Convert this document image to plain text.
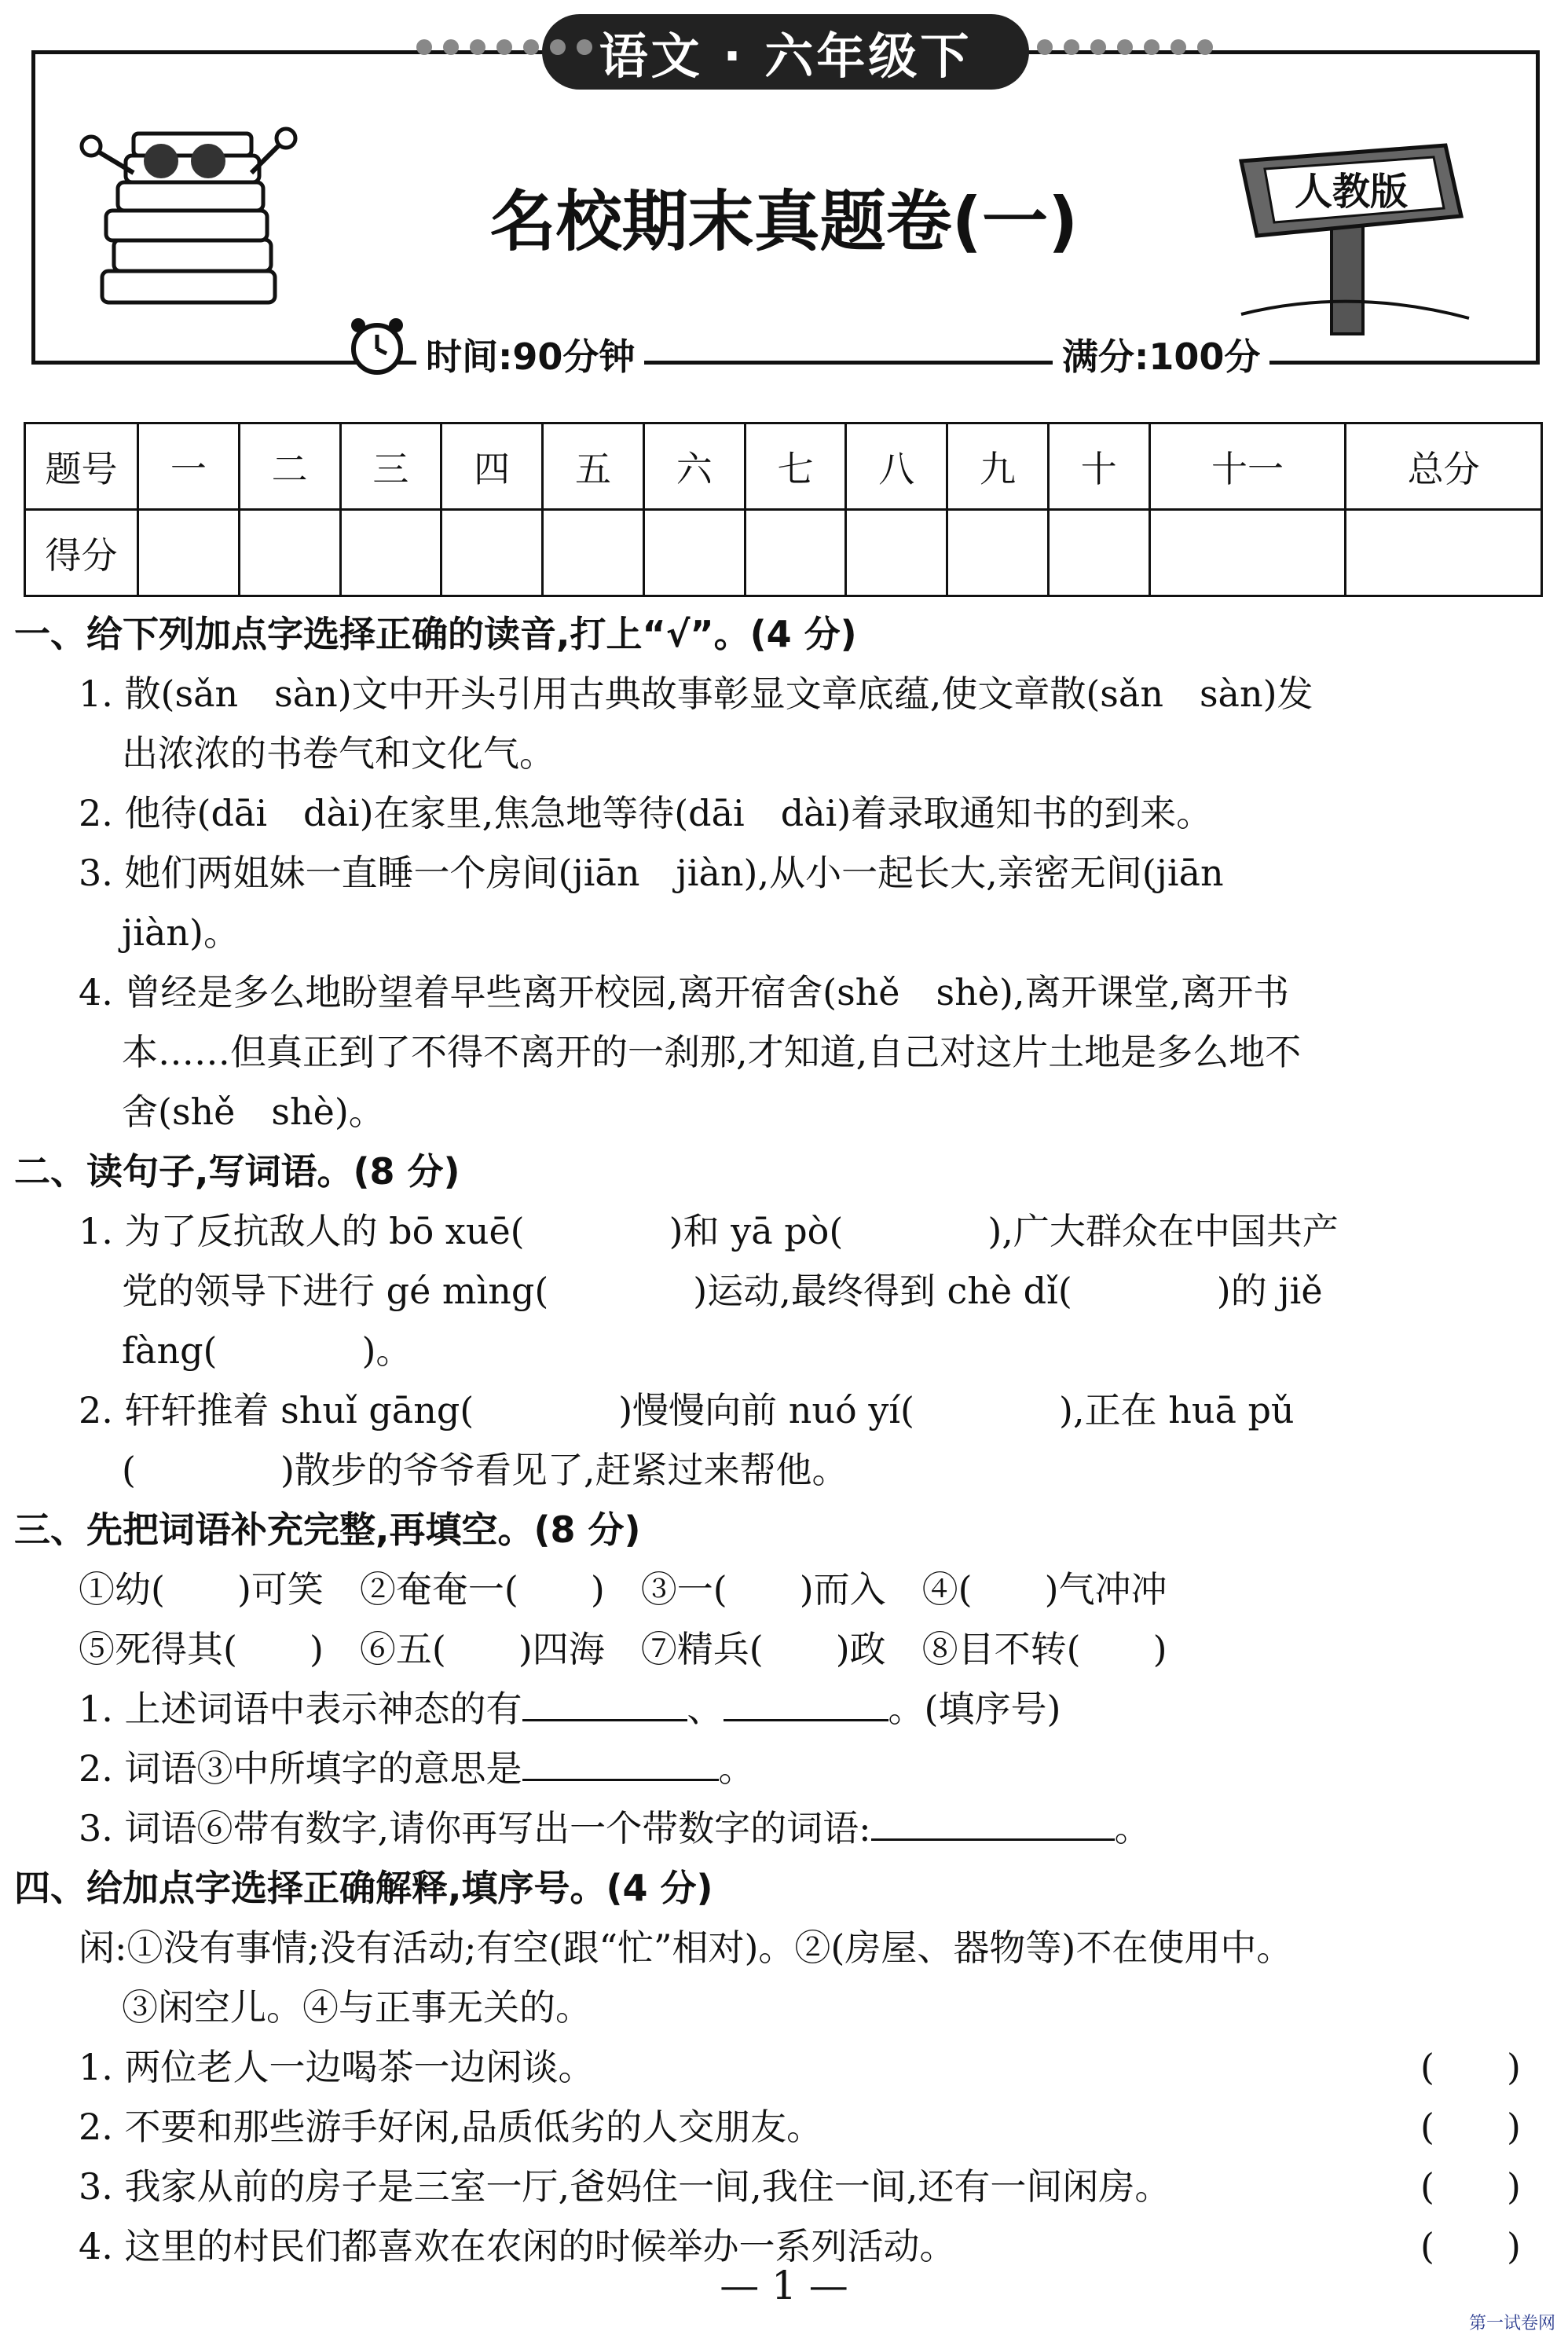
语文 · 六年级下
名校期末真题卷(一)	人教版
时间:90分钟	满分:100分
题号	一	二	三	四	五	六	七	八	九	十	十一	总分
得分												
一、给下列加点字选择正确的读音,打上“√”。(4 分)
1. 散(sǎn　sàn)文中开头引用古典故事彰显文章底蕴,使文章散(sǎn　sàn)发
出浓浓的书卷气和文化气。
2. 他待(dāi　dài)在家里,焦急地等待(dāi　dài)着录取通知书的到来。
3. 她们两姐妹一直睡一个房间(jiān　jiàn),从小一起长大,亲密无间(jiān
jiàn)。
4. 曾经是多么地盼望着早些离开校园,离开宿舍(shě　shè),离开课堂,离开书
本……但真正到了不得不离开的一刹那,才知道,自己对这片土地是多么地不
舍(shě　shè)。
二、读句子,写词语。(8 分)
1. 为了反抗敌人的 bō xuē(　　　　)和 yā pò(　　　　),广大群众在中国共产
党的领导下进行 gé mìng(　　　　)运动,最终得到 chè dǐ(　　　　)的 jiě
fàng(　　　　)。
2. 轩轩推着 shuǐ gāng(　　　　)慢慢向前 nuó yí(　　　　),正在 huā pǔ
(　　　　)散步的爷爷看见了,赶紧过来帮他。
三、先把词语补充完整,再填空。(8 分)
①幼(　　)可笑　②奄奄一(　　)　③一(　　)而入　④(　　)气冲冲
⑤死得其(　　)　⑥五(　　)四海　⑦精兵(　　)政　⑧目不转(　　)
1. 上述词语中表示神态的有	、	。(填序号)
2. 词语③中所填字的意思是	。
3. 词语⑥带有数字,请你再写出一个带数字的词语:	。
四、给加点字选择正确解释,填序号。(4 分)
闲:①没有事情;没有活动;有空(跟“忙”相对)。②(房屋、器物等)不在使用中。
③闲空儿。④与正事无关的。
1. 两位老人一边喝茶一边闲谈。
2. 不要和那些游手好闲,品质低劣的人交朋友。
3. 我家从前的房子是三室一厅,爸妈住一间,我住一间,还有一间闲房。
4. 这里的村民们都喜欢在农闲的时候举办一系列活动。
(　　)
(　　)
(　　)
(　　)
— 1 —
第一试卷网
